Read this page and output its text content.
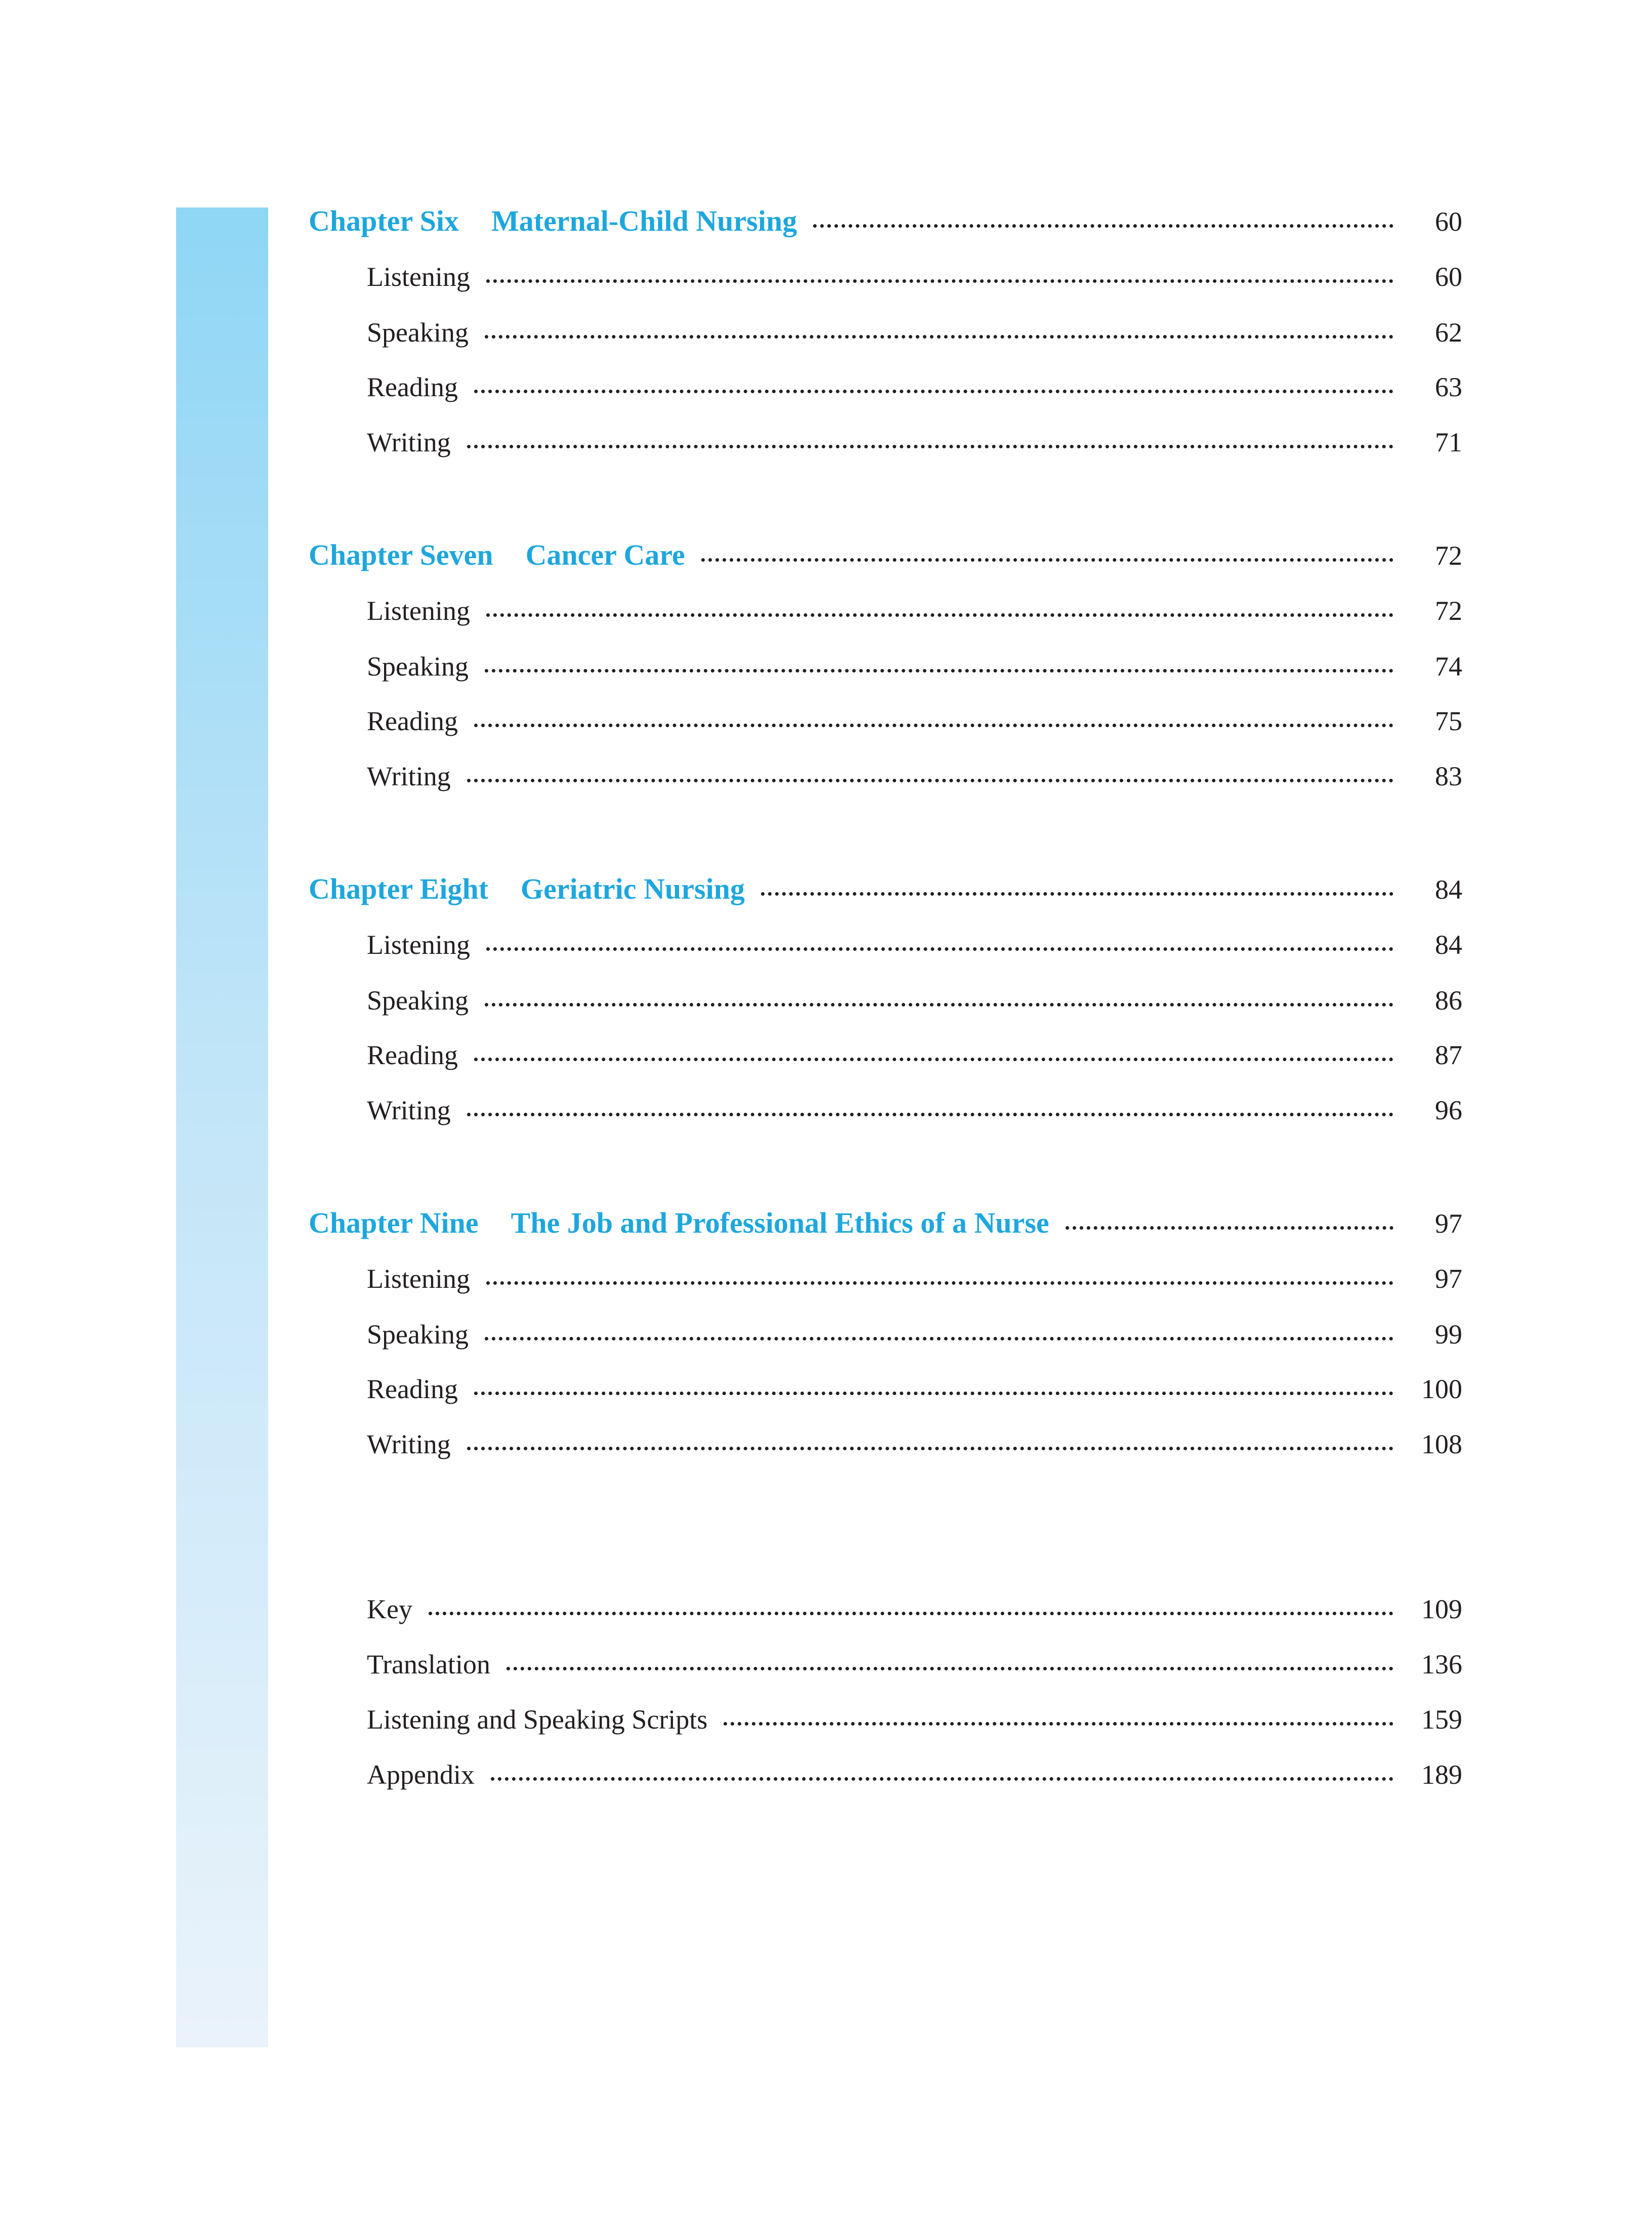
Chapter Six Maternal-Child Nursing	60
Listening	60
Speaking	62
Reading	63
Writing	71
Chapter Seven Cancer Care	72
Listening	72
Speaking	74
Reading	75
Writing	83
Chapter Eight Geriatric Nursing	84
Listening	84
Speaking	86
Reading	87
Writing	96
Chapter Nine The Job and Professional Ethics of a Nurse	97
Listening	97
Speaking	99
Reading	100
Writing	108
Key	109
Translation	136
Listening and Speaking Scripts	159
Appendix	189
